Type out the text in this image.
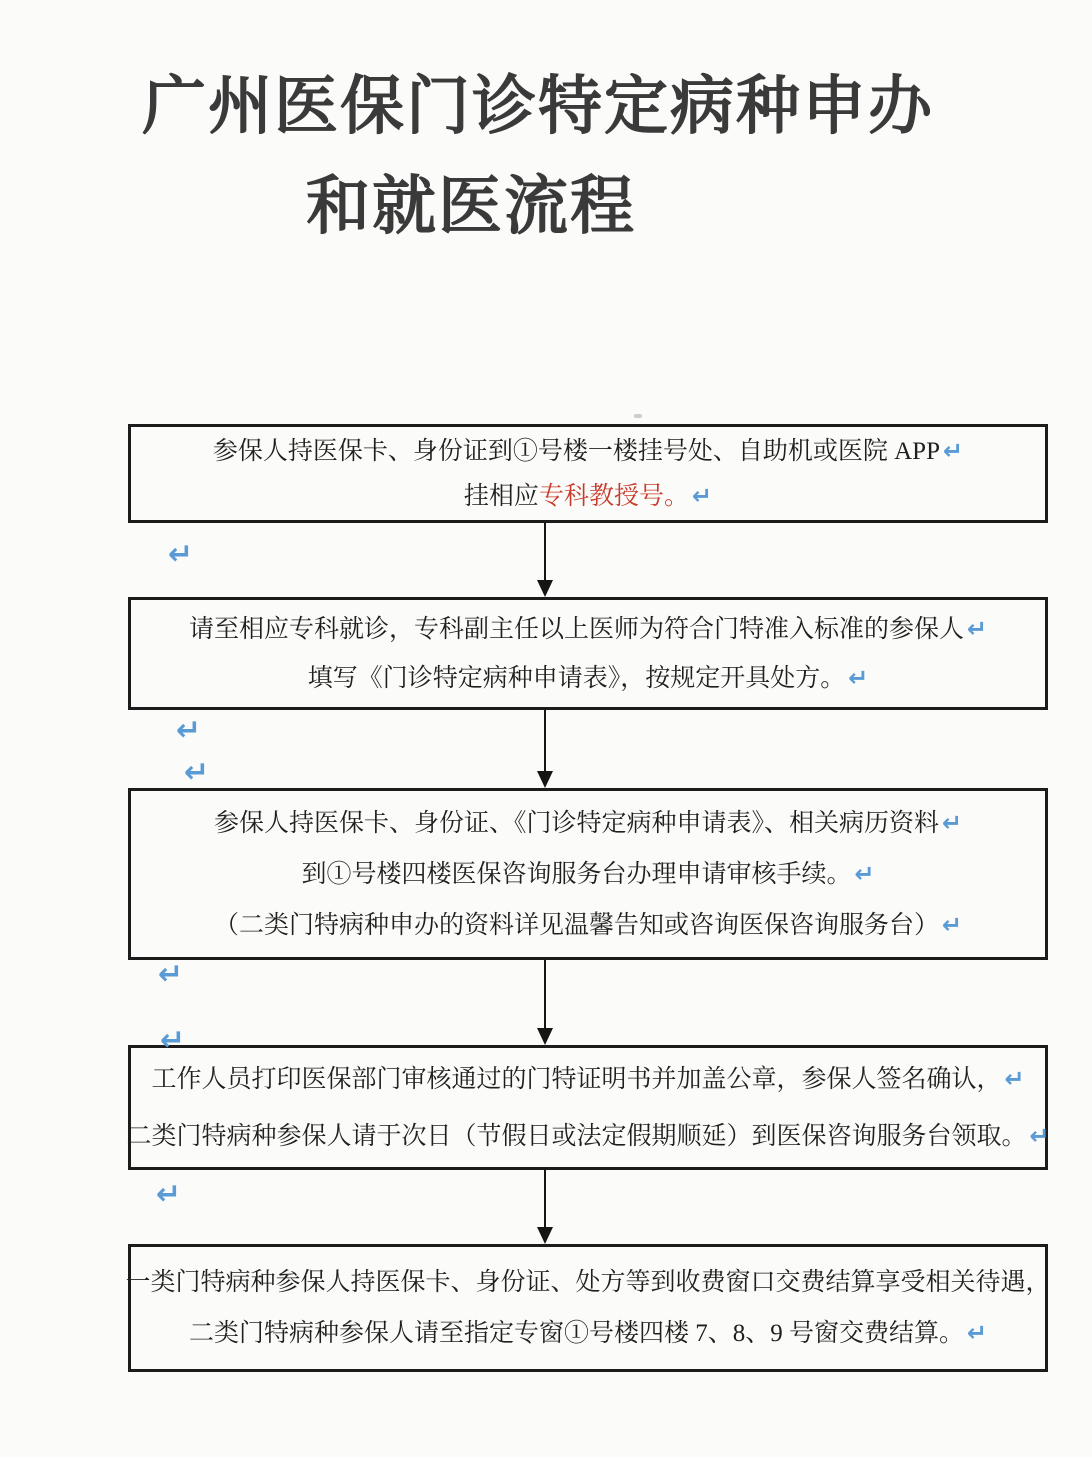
广州医保门诊特定病种申办
和就医流程
参保人持医保卡、身份证到①号楼一楼挂号处、自助机或医院 APP ↵
挂相应专科教授号。 ↵
请至相应专科就诊，专科副主任以上医师为符合门特准入标准的参保人 ↵
填写《门诊特定病种申请表》，按规定开具处方。 ↵
参保人持医保卡、身份证、《门诊特定病种申请表》、相关病历资料 ↵
到①号楼四楼医保咨询服务台办理申请审核手续。 ↵
（二类门特病种申办的资料详见温馨告知或咨询医保咨询服务台） ↵
工作人员打印医保部门审核通过的门特证明书并加盖公章，参保人签名确认， ↵
二类门特病种参保人请于次日（节假日或法定假期顺延）到医保咨询服务台领取。 ↵
一类门特病种参保人持医保卡、身份证、处方等到收费窗口交费结算享受相关待遇，
二类门特病种参保人请至指定专窗①号楼四楼 7、8、9 号窗交费结算。 ↵
↵
↵
↵
↵
↵
↵
